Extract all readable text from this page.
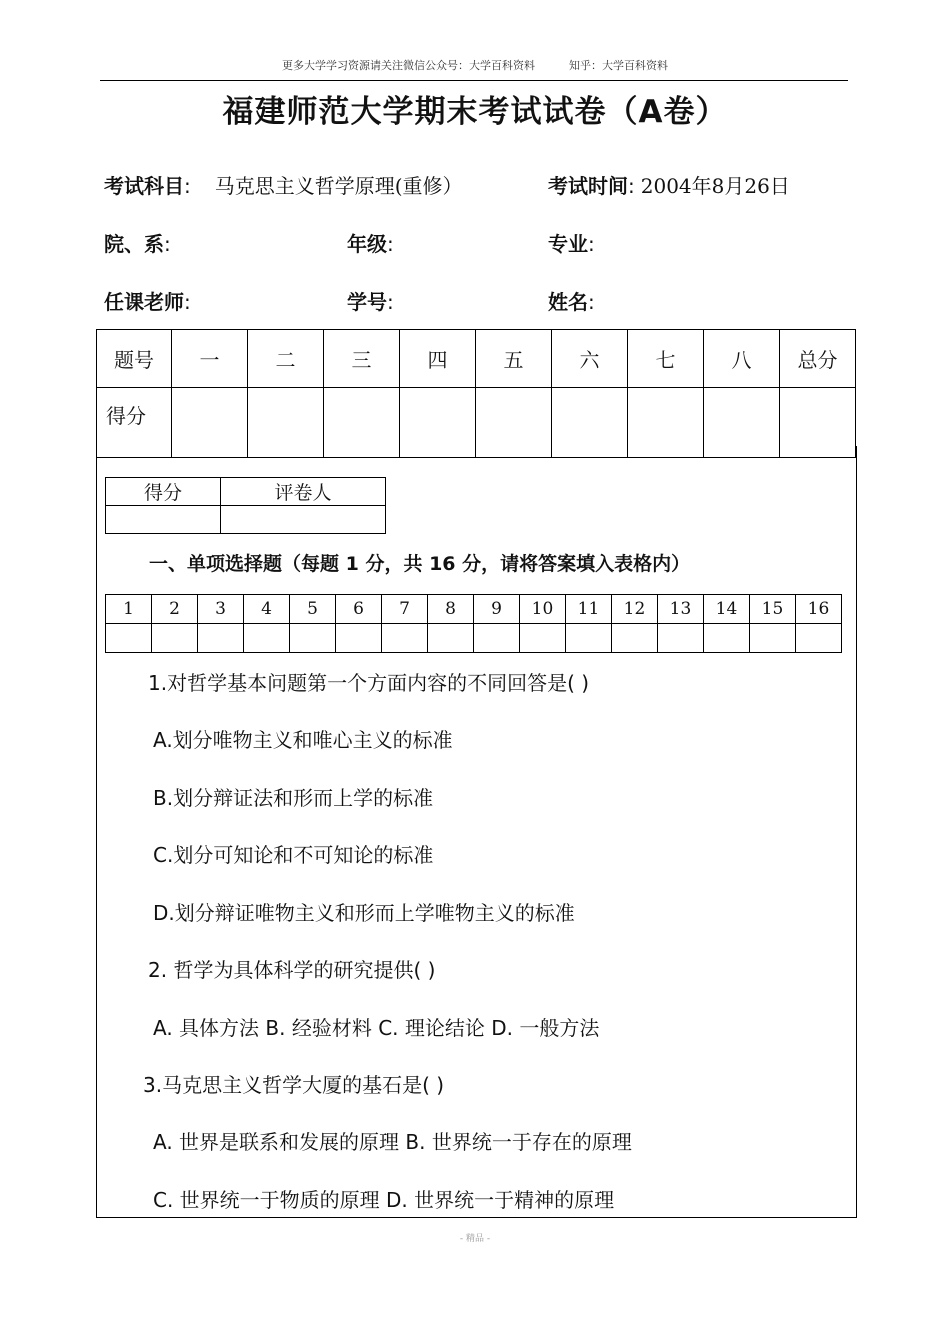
更多大学学习资源请关注微信公众号：大学百科资料	知乎：大学百科资料
福建师范大学期末考试试卷（A卷）
考试科目: 马克思主义哲学原理(重修）	考试时间: 2004年8月26日
院、系:	年级:	专业:
任课老师:	学号:	姓名:
题号	一	二	三	四	五	六	七	八	总分
得分									
得分	评卷人

一、单项选择题（每题 1 分，共 16 分，请将答案填入表格内）
1	2	3	4	5	6	7	8	9	10	11	12	13	14	15	16

1.对哲学基本问题第一个方面内容的不同回答是( )
A.划分唯物主义和唯心主义的标准
B.划分辩证法和形而上学的标准
C.划分可知论和不可知论的标准
D.划分辩证唯物主义和形而上学唯物主义的标准
2. 哲学为具体科学的研究提供( )
A. 具体方法 B. 经验材料 C. 理论结论 D. 一般方法
3.马克思主义哲学大厦的基石是( )
A. 世界是联系和发展的原理 B. 世界统一于存在的原理
C. 世界统一于物质的原理 D. 世界统一于精神的原理
- 精品 -
